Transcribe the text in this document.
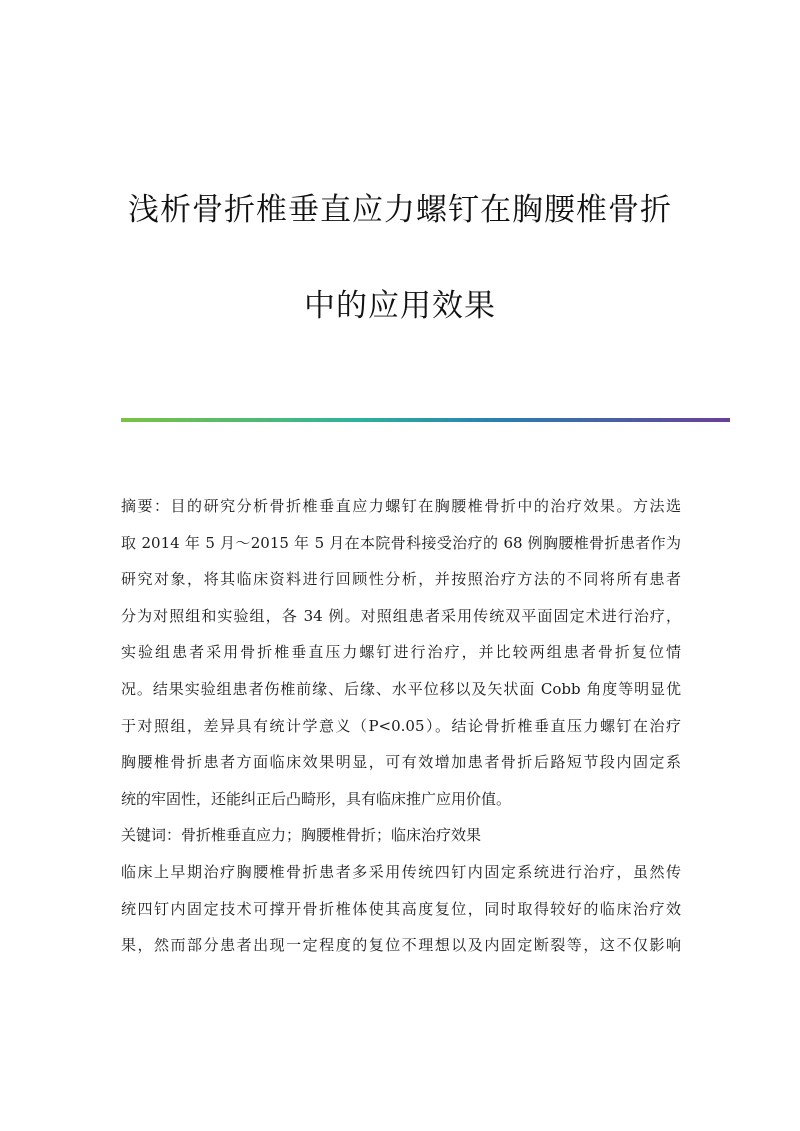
浅析骨折椎垂直应力螺钉在胸腰椎骨折
中的应用效果
摘要：目的研究分析骨折椎垂直应力螺钉在胸腰椎骨折中的治疗效果。方法选
取 2014 年 5 月～2015 年 5 月在本院骨科接受治疗的 68 例胸腰椎骨折患者作为
研究对象，将其临床资料进行回顾性分析，并按照治疗方法的不同将所有患者
分为对照组和实验组，各 34 例。对照组患者采用传统双平面固定术进行治疗，
实验组患者采用骨折椎垂直压力螺钉进行治疗，并比较两组患者骨折复位情
况。结果实验组患者伤椎前缘、后缘、水平位移以及矢状面 Cobb 角度等明显优
于对照组，差异具有统计学意义（P<0.05）。结论骨折椎垂直压力螺钉在治疗
胸腰椎骨折患者方面临床效果明显，可有效增加患者骨折后路短节段内固定系
统的牢固性，还能纠正后凸畸形，具有临床推广应用价值。
关键词：骨折椎垂直应力；胸腰椎骨折；临床治疗效果
临床上早期治疗胸腰椎骨折患者多采用传统四钉内固定系统进行治疗，虽然传
统四钉内固定技术可撑开骨折椎体使其高度复位，同时取得较好的临床治疗效
果，然而部分患者出现一定程度的复位不理想以及内固定断裂等，这不仅影响
